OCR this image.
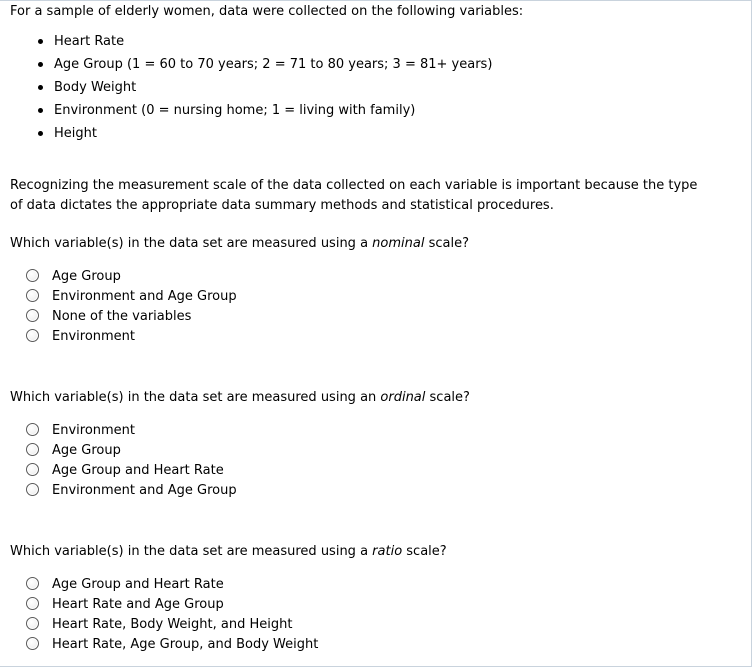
For a sample of elderly women, data were collected on the following variables:
Heart Rate
Age Group (1 = 60 to 70 years; 2 = 71 to 80 years; 3 = 81+ years)
Body Weight
Environment (0 = nursing home; 1 = living with family)
Height
Recognizing the measurement scale of the data collected on each variable is important because the type of data dictates the appropriate data summary methods and statistical procedures.
Which variable(s) in the data set are measured using a nominal scale?
Age Group
Environment and Age Group
None of the variables
Environment
Which variable(s) in the data set are measured using an ordinal scale?
Environment
Age Group
Age Group and Heart Rate
Environment and Age Group
Which variable(s) in the data set are measured using a ratio scale?
Age Group and Heart Rate
Heart Rate and Age Group
Heart Rate, Body Weight, and Height
Heart Rate, Age Group, and Body Weight
